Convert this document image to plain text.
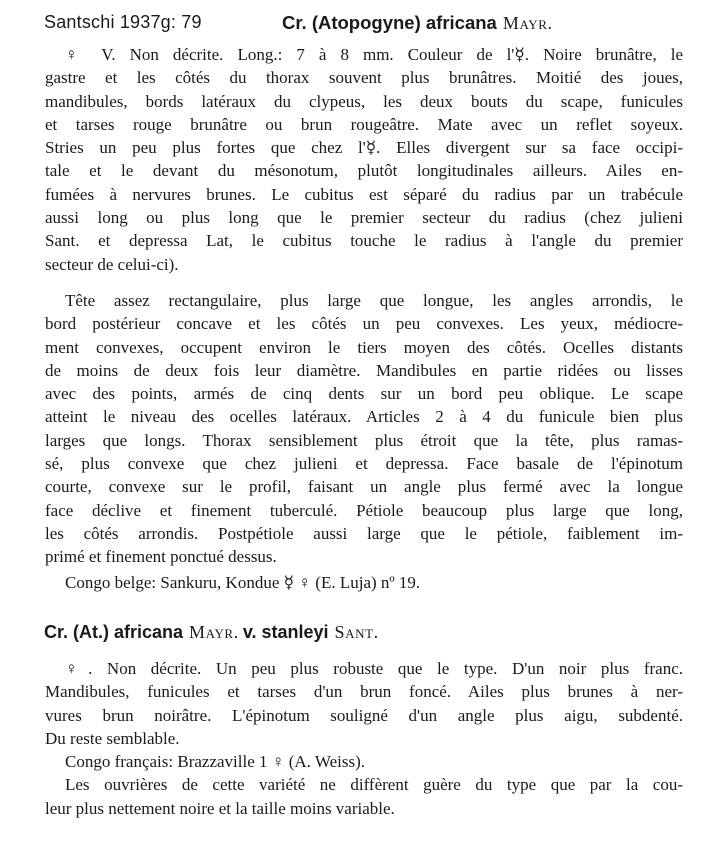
Santschi 1937g: 79	Cr. (Atopogyne) africana Mayr.
♀ V. Non décrite. Long.: 7 à 8 mm. Couleur de l'☿. Noire brunâtre, le
gastre et les côtés du thorax souvent plus brunâtres. Moitié des joues,
mandibules, bords latéraux du clypeus, les deux bouts du scape, funicules
et tarses rouge brunâtre ou brun rougeâtre. Mate avec un reflet soyeux.
Stries un peu plus fortes que chez l'☿. Elles divergent sur sa face occipi-
tale et le devant du mésonotum, plutôt longitudinales ailleurs. Ailes en-
fumées à nervures brunes. Le cubitus est séparé du radius par un trabécule
aussi long ou plus long que le premier secteur du radius (chez julieni
Sant. et depressa Lat, le cubitus touche le radius à l'angle du premier
secteur de celui-ci).
Tête assez rectangulaire, plus large que longue, les angles arrondis, le
bord postérieur concave et les côtés un peu convexes. Les yeux, médiocre-
ment convexes, occupent environ le tiers moyen des côtés. Ocelles distants
de moins de deux fois leur diamètre. Mandibules en partie ridées ou lisses
avec des points, armés de cinq dents sur un bord peu oblique. Le scape
atteint le niveau des ocelles latéraux. Articles 2 à 4 du funicule bien plus
larges que longs. Thorax sensiblement plus étroit que la tête, plus ramas-
sé, plus convexe que chez julieni et depressa. Face basale de l'épinotum
courte, convexe sur le profil, faisant un angle plus fermé avec la longue
face déclive et finement tuberculé. Pétiole beaucoup plus large que long,
les côtés arrondis. Postpétiole aussi large que le pétiole, faiblement im-
primé et finement ponctué dessus.
Congo belge: Sankuru, Kondue ☿ ♀ (E. Luja) nº 19.
Cr. (At.) africana Mayr. v. stanleyi Sant.
♀. Non décrite. Un peu plus robuste que le type. D'un noir plus franc.
Mandibules, funicules et tarses d'un brun foncé. Ailes plus brunes à ner-
vures brun noirâtre. L'épinotum souligné d'un angle plus aigu, subdenté.
Du reste semblable.
Congo français: Brazzaville 1 ♀ (A. Weiss).
Les ouvrières de cette variété ne diffèrent guère du type que par la cou-
leur plus nettement noire et la taille moins variable.
